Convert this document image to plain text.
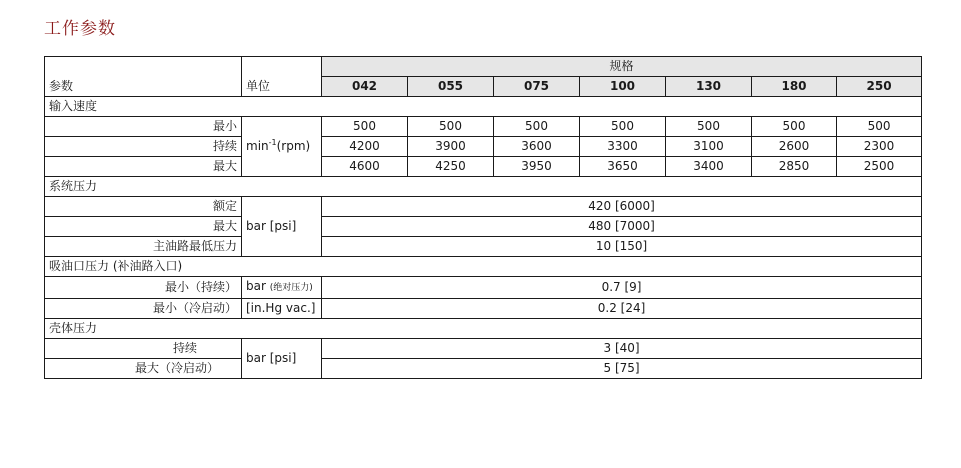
工作参数
参数	单位	规格						
		042	055	075	100	130	180	250
输入速度								
最小	$\min^{-1}(rpm)$	500	500	500	500	500	500	500
持续		4200	3900	3600	3300	3100	2600	2300
最大		4600	4250	3950	3650	3400	2850	2500
系统压力								
额定	bar [psi]	420 [6000]						
最大		480 [7000]						
主油路最低压力		10 [150]						
吸油口压力 (补油路入口)								
最小（持续）	bar (绝对压力)	0.7 [9]						
最小（冷启动）	[in.Hg vac.]	0.2 [24]						
壳体压力								
持续	bar [psi]	3 [40]						
最大（冷启动）		5 [75]						
